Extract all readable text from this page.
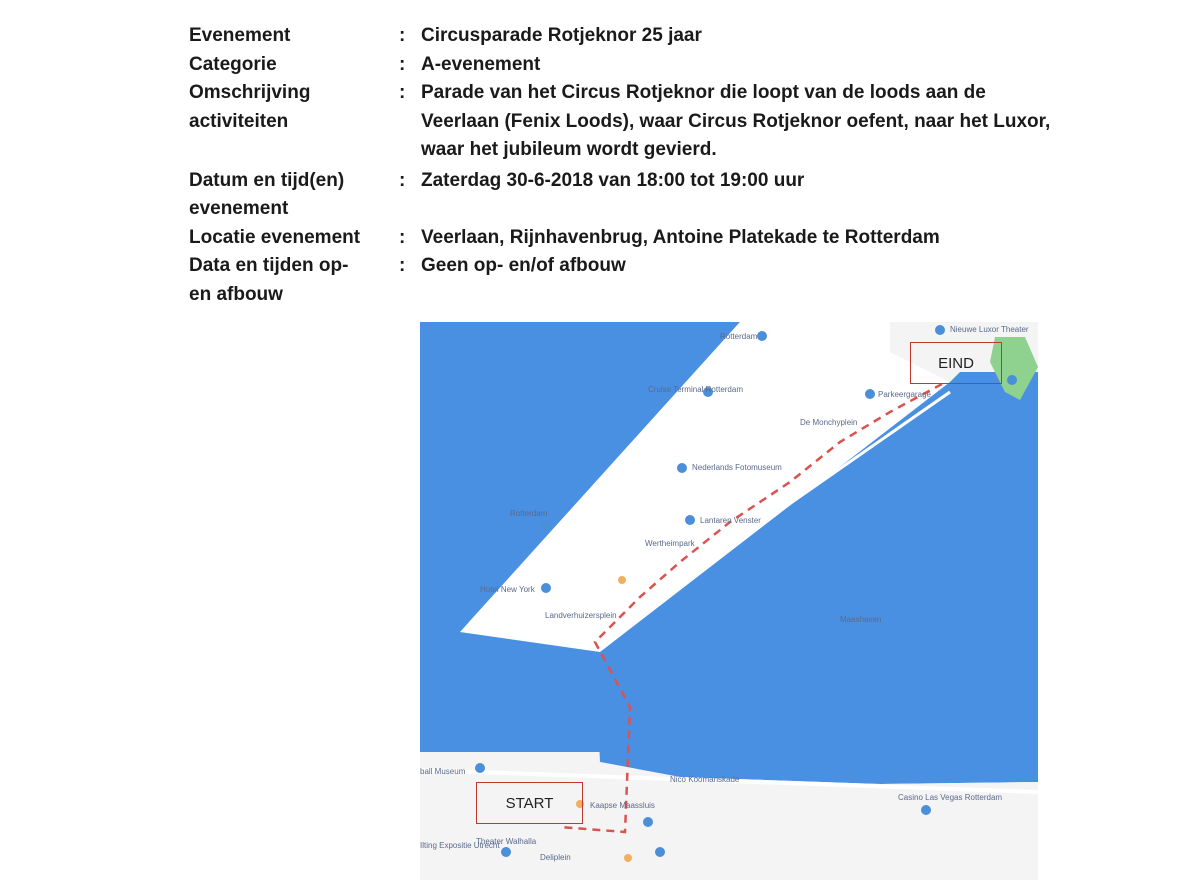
Evenement	: Circusparade Rotjeknor 25 jaar
Categorie	: A-evenement
Omschrijving activiteiten
: Parade van het Circus Rotjeknor die loopt van de loods aan de Veerlaan (Fenix Loods), waar Circus Rotjeknor oefent, naar het Luxor, waar het jubileum wordt gevierd.
Datum en tijd(en) evenement
: Zaterdag 30-6-2018 van 18:00 tot 19:00 uur
Locatie evenement	: Veerlaan, Rijnhavenbrug, Antoine Platekade te Rotterdam
Data en tijden op- en afbouw
: Geen op- en/of afbouw
Nieuwe Luxor Theater
Rotterdam
Cruise Terminal Rotterdam
De Monchyplein
Nederlands Fotomuseum
Lantaren Venster
Rotterdam
Wertheimpark
Hotel New York
Landverhuizersplein
Parkeergarage
ball Museum
Kaapse Maassluis
Casino Las Vegas Rotterdam
Theater Walhalla
Ilting Expositie Utrecht
Deliplein
Nico Koomanskade
Maashaven
EIND
START
